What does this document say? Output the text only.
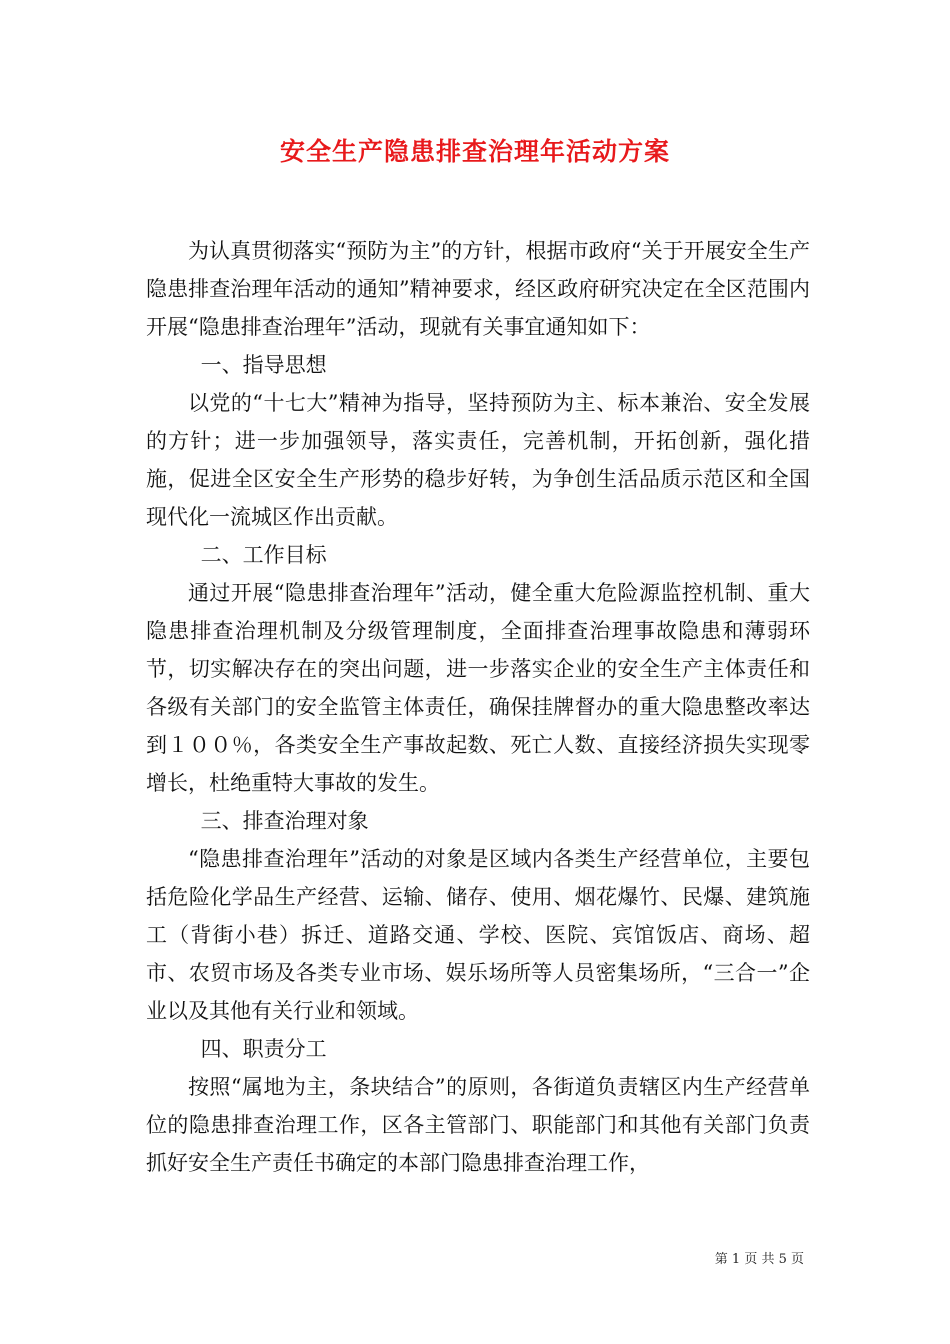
安全生产隐患排查治理年活动方案

为认真贯彻落实“预防为主”的方针，根据市政府“关于开展安全生产隐患排查治理年活动的通知”精神要求，经区政府研究决定在全区范围内开展“隐患排查治理年”活动，现就有关事宜通知如下：

一、指导思想

以党的“十七大”精神为指导，坚持预防为主、标本兼治、安全发展的方针；进一步加强领导，落实责任，完善机制，开拓创新，强化措施，促进全区安全生产形势的稳步好转，为争创生活品质示范区和全国现代化一流城区作出贡献。

二、工作目标

通过开展“隐患排查治理年”活动，健全重大危险源监控机制、重大隐患排查治理机制及分级管理制度，全面排查治理事故隐患和薄弱环节，切实解决存在的突出问题，进一步落实企业的安全生产主体责任和各级有关部门的安全监管主体责任，确保挂牌督办的重大隐患整改率达到１００％，各类安全生产事故起数、死亡人数、直接经济损失实现零增长，杜绝重特大事故的发生。

三、排查治理对象

“隐患排查治理年”活动的对象是区域内各类生产经营单位，主要包括危险化学品生产经营、运输、储存、使用、烟花爆竹、民爆、建筑施工（背街小巷）拆迁、道路交通、学校、医院、宾馆饭店、商场、超市、农贸市场及各类专业市场、娱乐场所等人员密集场所，“三合一”企业以及其他有关行业和领域。

四、职责分工

按照“属地为主，条块结合”的原则，各街道负责辖区内生产经营单位的隐患排查治理工作，区各主管部门、职能部门和其他有关部门负责抓好安全生产责任书确定的本部门隐患排查治理工作，

第 1 页 共 5 页
